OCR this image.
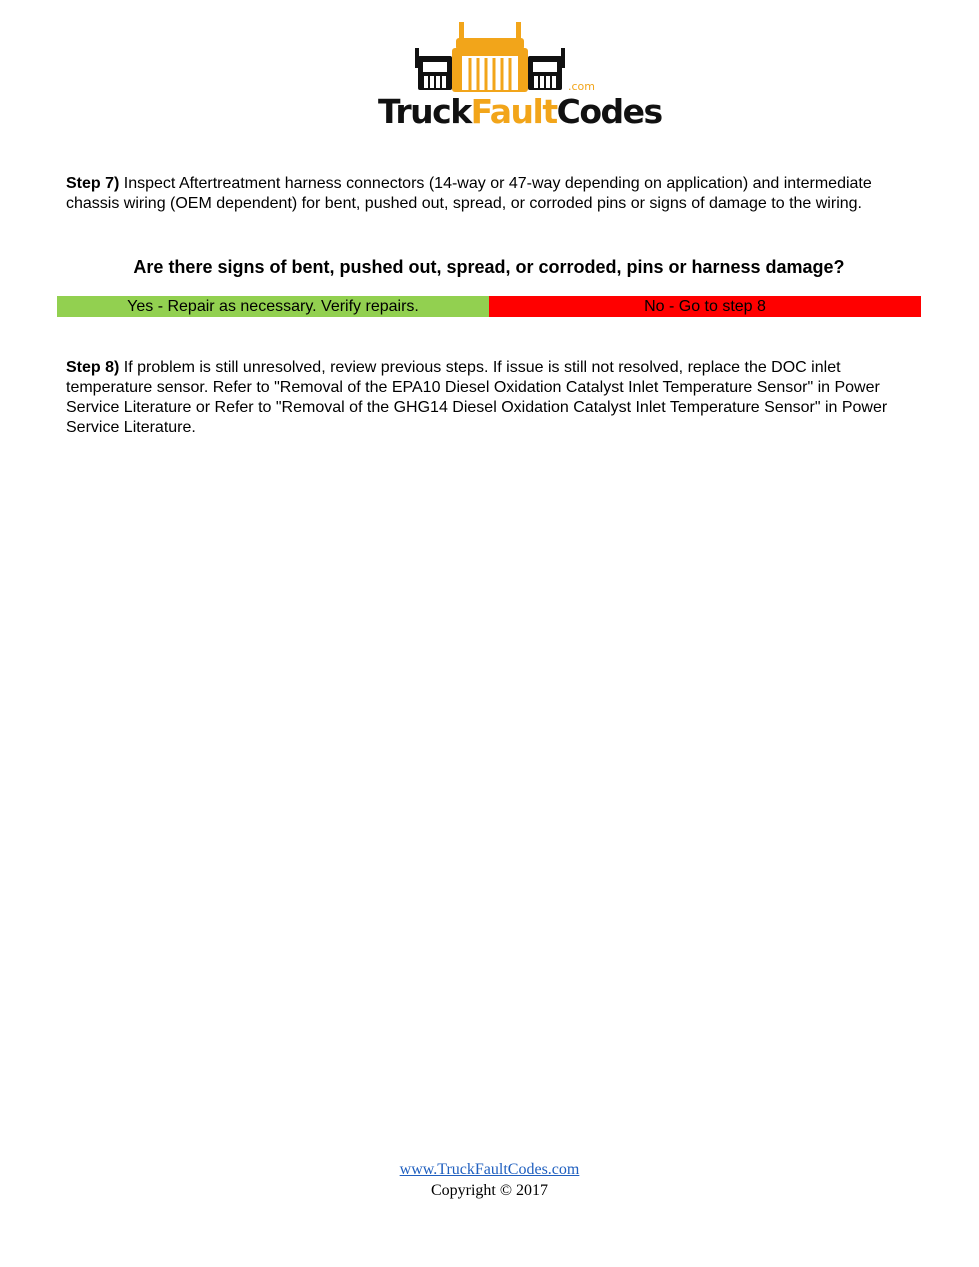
.com
TruckFaultCodes
Step 7) Inspect Aftertreatment harness connectors (14-way or 47-way depending on application) and intermediate chassis wiring (OEM dependent) for bent, pushed out, spread, or corroded pins or signs of damage to the wiring.
Are there signs of bent, pushed out, spread, or corroded, pins or harness damage?
Yes - Repair as necessary. Verify repairs.	No - Go to step 8
Step 8) If problem is still unresolved, review previous steps. If issue is still not resolved, replace the DOC inlet temperature sensor. Refer to "Removal of the EPA10 Diesel Oxidation Catalyst Inlet Temperature Sensor" in Power Service Literature or Refer to "Removal of the GHG14 Diesel Oxidation Catalyst Inlet Temperature Sensor" in Power Service Literature.
www.TruckFaultCodes.com
Copyright © 2017
